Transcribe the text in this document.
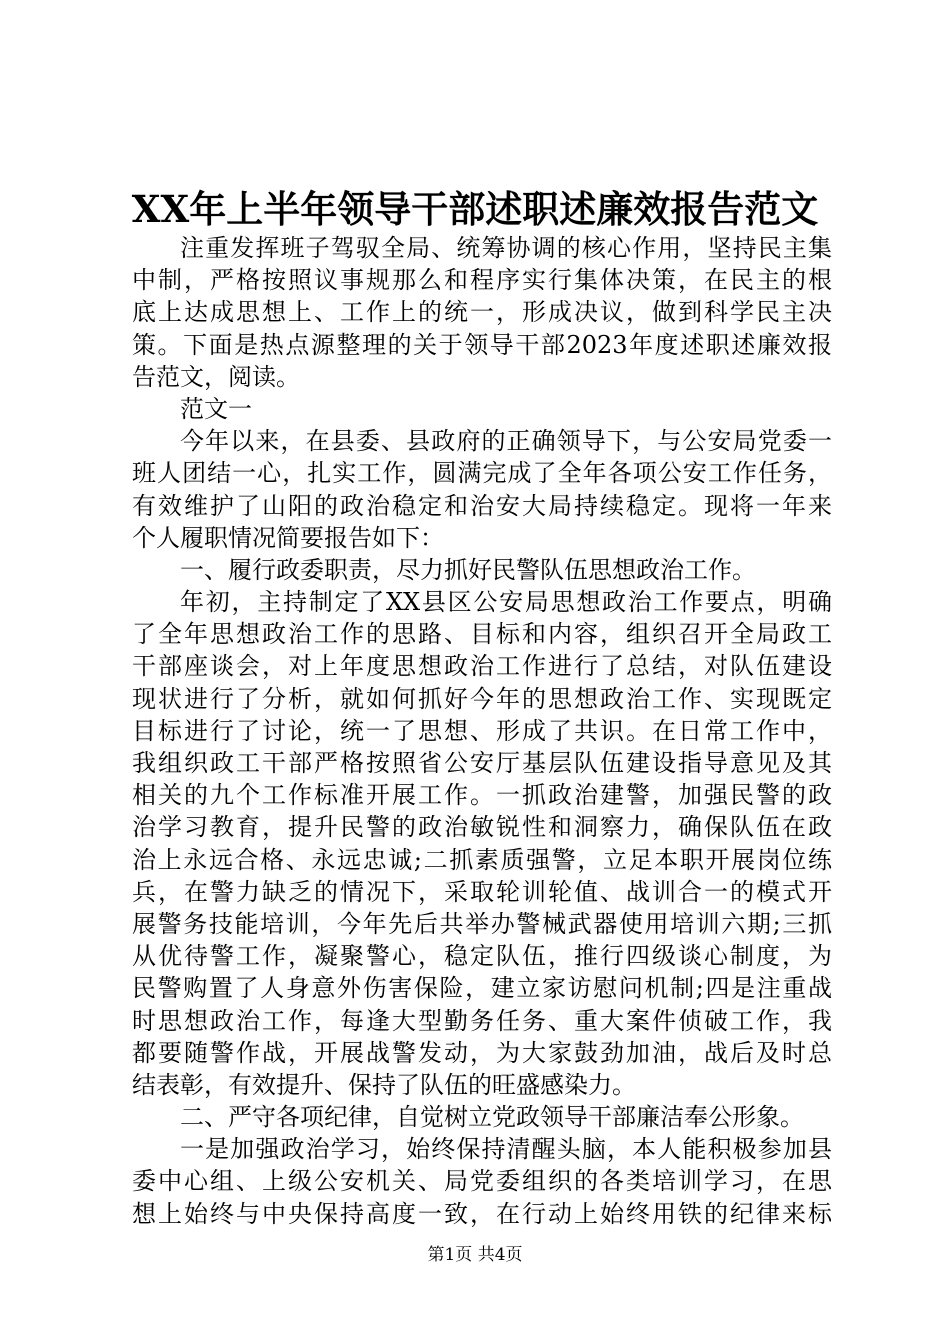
XX年上半年领导干部述职述廉效报告范文
注重发挥班子驾驭全局、统筹协调的核心作用，坚持民主集
中制，严格按照议事规那么和程序实行集体决策，在民主的根
底上达成思想上、工作上的统一，形成决议，做到科学民主决
策。下面是热点源整理的关于领导干部2023年度述职述廉效报
告范文，阅读。
范文一
今年以来，在县委、县政府的正确领导下，与公安局党委一
班人团结一心，扎实工作，圆满完成了全年各项公安工作任务，
有效维护了山阳的政治稳定和治安大局持续稳定。现将一年来
个人履职情况简要报告如下：
一、履行政委职责，尽力抓好民警队伍思想政治工作。
年初，主持制定了XX县区公安局思想政治工作要点，明确
了全年思想政治工作的思路、目标和内容，组织召开全局政工
干部座谈会，对上年度思想政治工作进行了总结，对队伍建设
现状进行了分析，就如何抓好今年的思想政治工作、实现既定
目标进行了讨论，统一了思想、形成了共识。在日常工作中，
我组织政工干部严格按照省公安厅基层队伍建设指导意见及其
相关的九个工作标准开展工作。一抓政治建警，加强民警的政
治学习教育，提升民警的政治敏锐性和洞察力，确保队伍在政
治上永远合格、永远忠诚;二抓素质强警，立足本职开展岗位练
兵，在警力缺乏的情况下，采取轮训轮值、战训合一的模式开
展警务技能培训，今年先后共举办警械武器使用培训六期;三抓
从优待警工作，凝聚警心，稳定队伍，推行四级谈心制度，为
民警购置了人身意外伤害保险，建立家访慰问机制;四是注重战
时思想政治工作，每逢大型勤务任务、重大案件侦破工作，我
都要随警作战，开展战警发动，为大家鼓劲加油，战后及时总
结表彰，有效提升、保持了队伍的旺盛感染力。
二、严守各项纪律，自觉树立党政领导干部廉洁奉公形象。
一是加强政治学习，始终保持清醒头脑，本人能积极参加县
委中心组、上级公安机关、局党委组织的各类培训学习，在思
想上始终与中央保持高度一致，在行动上始终用铁的纪律来标
第1页 共4页
